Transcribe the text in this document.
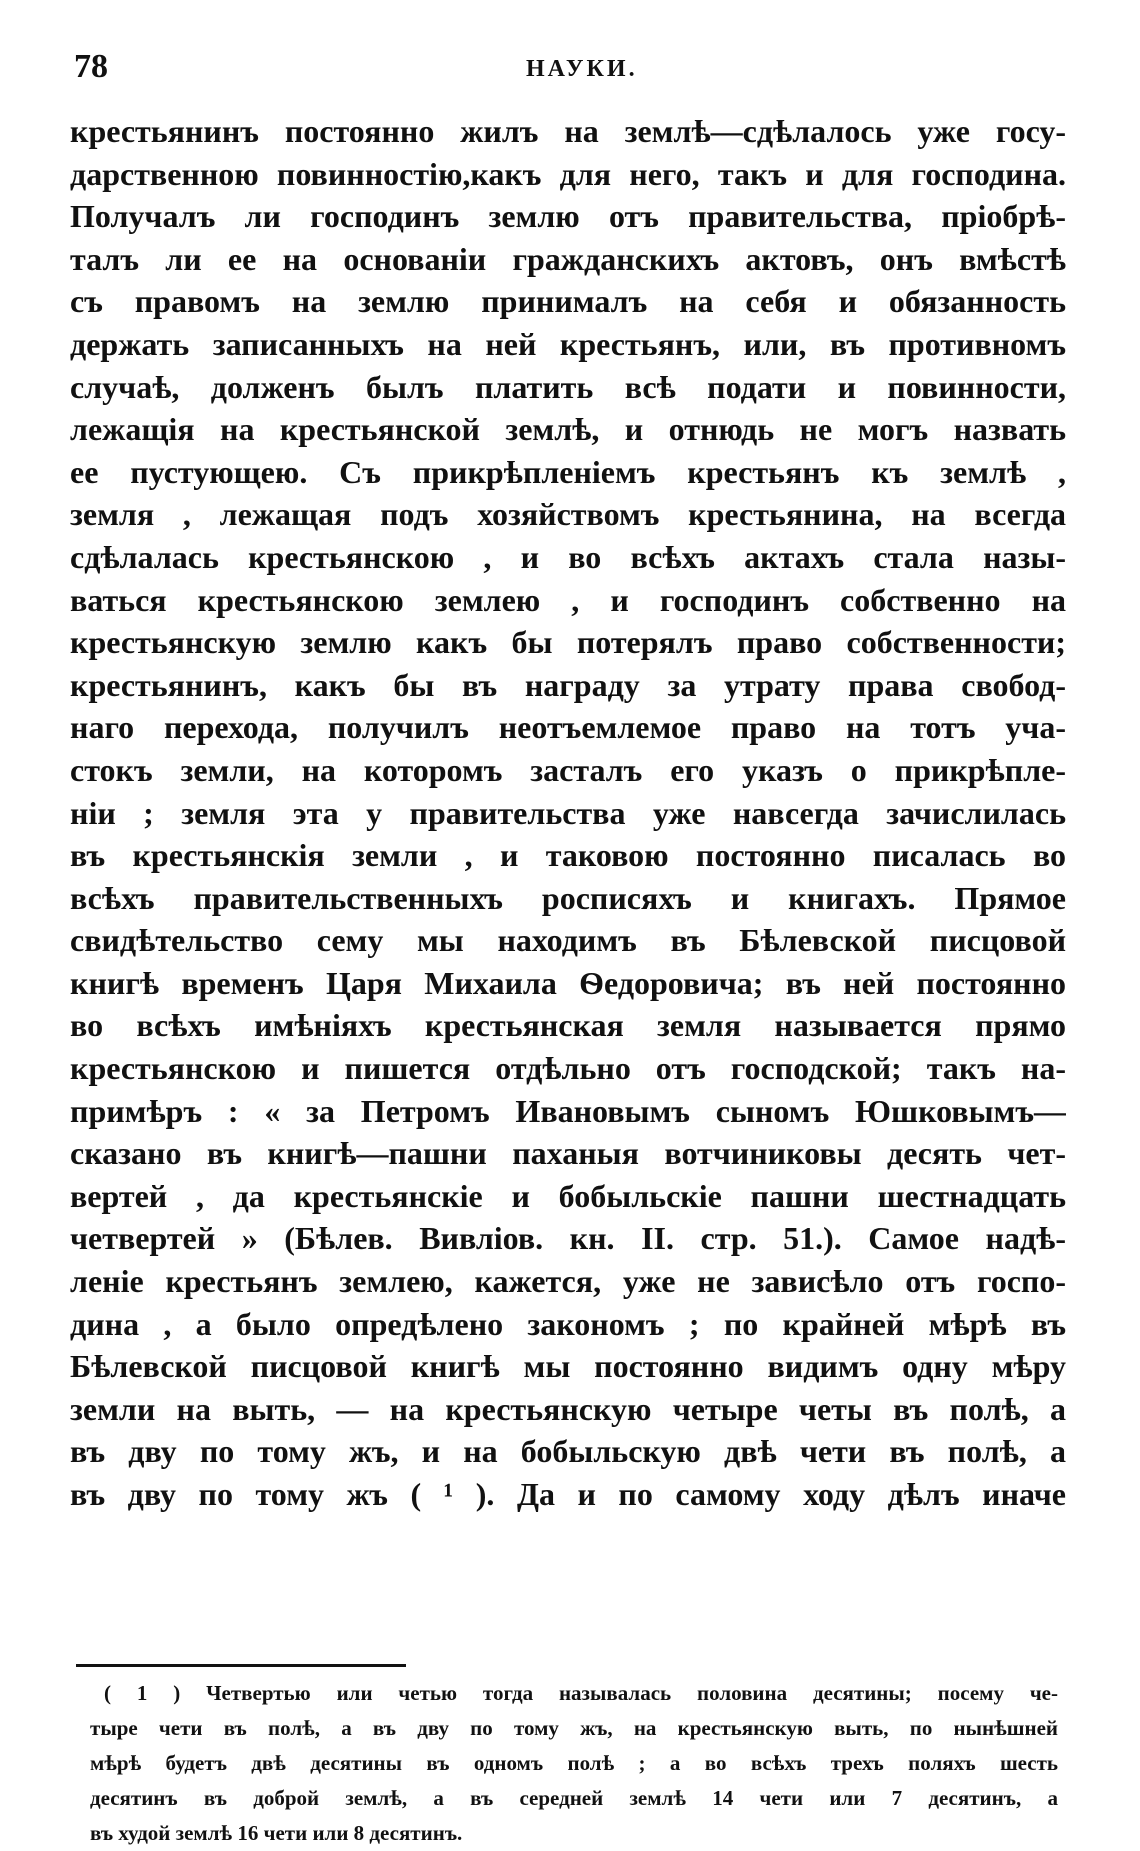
78	НАУКИ.
крестьянинъ постоянно жилъ на землѣ—сдѣлалось уже госу-
дарственною повинностію,какъ для него, такъ и для господина.
Получалъ ли господинъ землю отъ правительства, пріобрѣ-
талъ ли ее на основаніи гражданскихъ актовъ, онъ вмѣстѣ
съ правомъ на землю принималъ на себя и обязанность
держать записанныхъ на ней крестьянъ, или, въ противномъ
случаѣ, долженъ былъ платить всѣ подати и повинности,
лежащія на крестьянской землѣ, и отнюдь не могъ назвать
ее пустующею. Съ прикрѣпленіемъ крестьянъ къ землѣ ,
земля , лежащая подъ хозяйствомъ крестьянина, на всегда
сдѣлалась крестьянскою , и во всѣхъ актахъ стала назы-
ваться крестьянскою землею , и господинъ собственно на
крестьянскую землю какъ бы потерялъ право собственности;
крестьянинъ, какъ бы въ награду за утрату права свобод-
наго перехода, получилъ неотъемлемое право на тотъ уча-
стокъ земли, на которомъ засталъ его указъ о прикрѣпле-
ніи ; земля эта у правительства уже навсегда зачислилась
въ крестьянскія земли , и таковою постоянно писалась во
всѣхъ правительственныхъ росписяхъ и книгахъ. Прямое
свидѣтельство сему мы находимъ въ Бѣлевской писцовой
книгѣ временъ Царя Михаила Ѳедоровича; въ ней постоянно
во всѣхъ имѣніяхъ крестьянская земля называется прямо
крестьянскою и пишется отдѣльно отъ господской; такъ на-
примѣръ : « за Петромъ Ивановымъ сыномъ Юшковымъ—
сказано въ книгѣ—пашни паханыя вотчиниковы десять чет-
вертей , да крестьянскіе и бобыльскіе пашни шестнадцать
четвертей » (Бѣлев. Вивліов. кн. II. стр. 51.). Самое надѣ-
леніе крестьянъ землею, кажется, уже не зависѣло отъ госпо-
дина , а было опредѣлено закономъ ; по крайней мѣрѣ въ
Бѣлевской писцовой книгѣ мы постоянно видимъ одну мѣру
земли на выть, — на крестьянскую четыре четы въ полѣ, а
въ дву по тому жъ, и на бобыльскую двѣ чети въ полѣ, а
въ дву по тому жъ ( ¹ ). Да и по самому ходу дѣлъ иначе
( 1 ) Четвертью или четью тогда называлась половина десятины; посему че-
тыре чети въ полѣ, а въ дву по тому жъ, на крестьянскую выть, по нынѣшней
мѣрѣ будетъ двѣ десятины въ одномъ полѣ ; а во всѣхъ трехъ поляхъ шесть
десятинъ въ доброй землѣ, а въ середней землѣ 14 чети или 7 десятинъ, а
въ худой землѣ 16 чети или 8 десятинъ.
